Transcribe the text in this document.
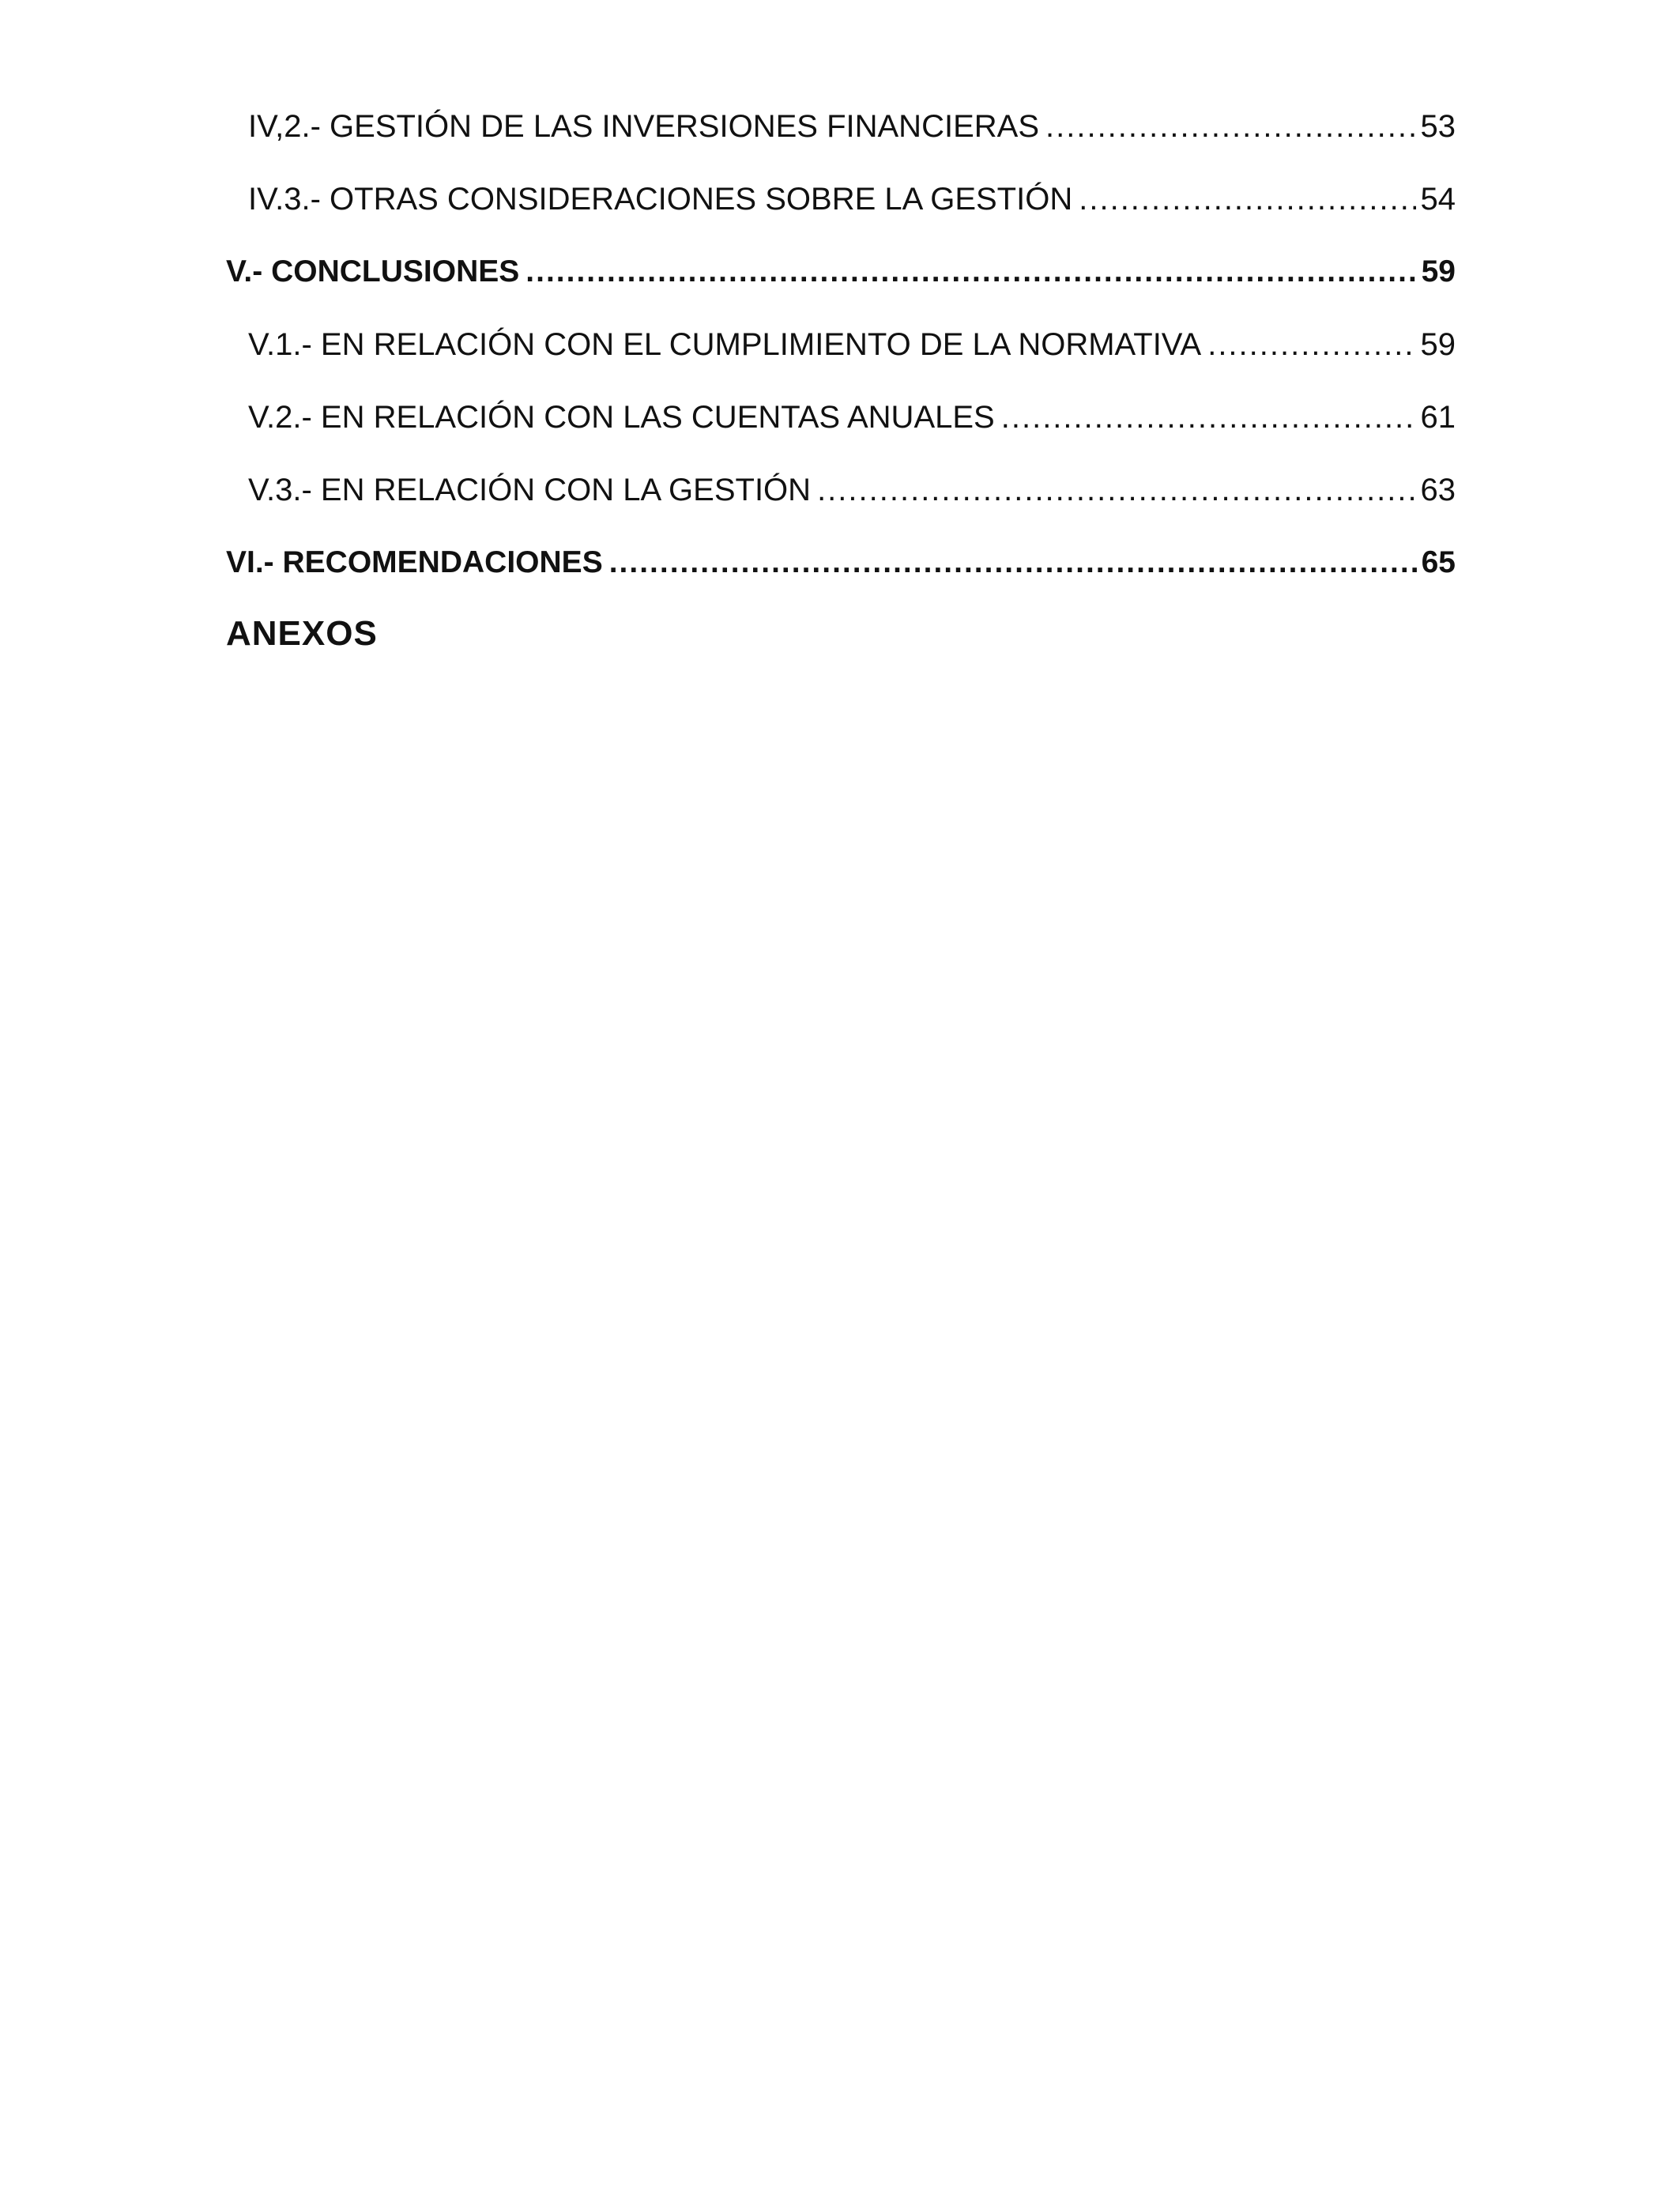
IV,2.- GESTIÓN DE LAS INVERSIONES FINANCIERAS .....	53
IV.3.- OTRAS CONSIDERACIONES SOBRE LA GESTIÓN .....	54
V.- CONCLUSIONES .....	59
V.1.- EN RELACIÓN CON EL CUMPLIMIENTO DE LA NORMATIVA .....	59
V.2.- EN RELACIÓN CON LAS CUENTAS ANUALES .....	61
V.3.- EN RELACIÓN CON LA GESTIÓN .....	63
VI.- RECOMENDACIONES .....	65
ANEXOS
